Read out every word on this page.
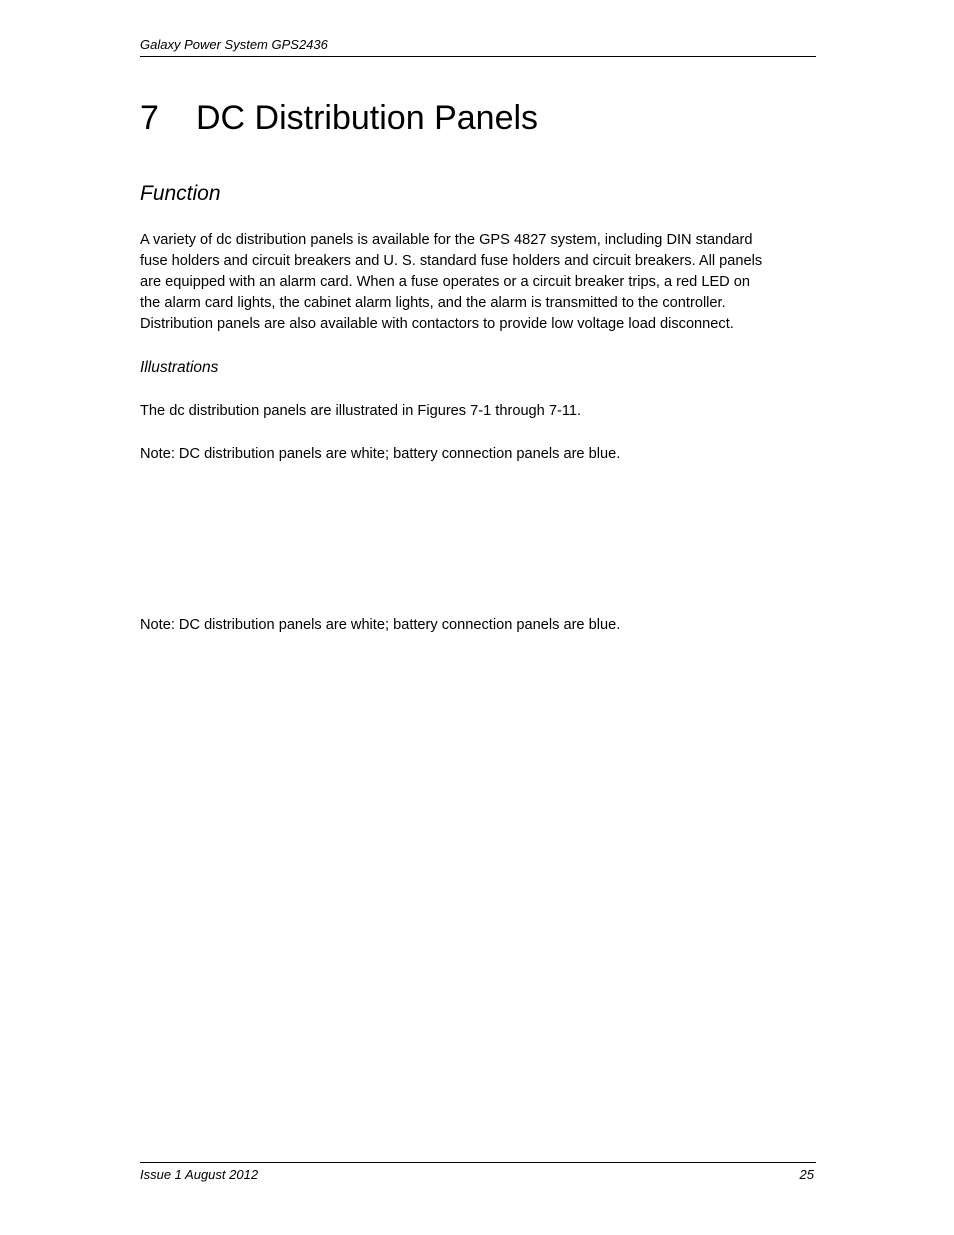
Galaxy Power System GPS2436
7 DC Distribution Panels
Function
A variety of dc distribution panels is available for the GPS 4827 system, including DIN standard
fuse holders and circuit breakers and U. S. standard fuse holders and circuit breakers. All panels
are equipped with an alarm card. When a fuse operates or a circuit breaker trips, a red LED on
the alarm card lights, the cabinet alarm lights, and the alarm is transmitted to the controller.
Distribution panels are also available with contactors to provide low voltage load disconnect.
Illustrations
The dc distribution panels are illustrated in Figures 7-1 through 7-11.
Note: DC distribution panels are white; battery connection panels are blue.
Note: DC distribution panels are white; battery connection panels are blue.
Issue 1 August 2012	25
